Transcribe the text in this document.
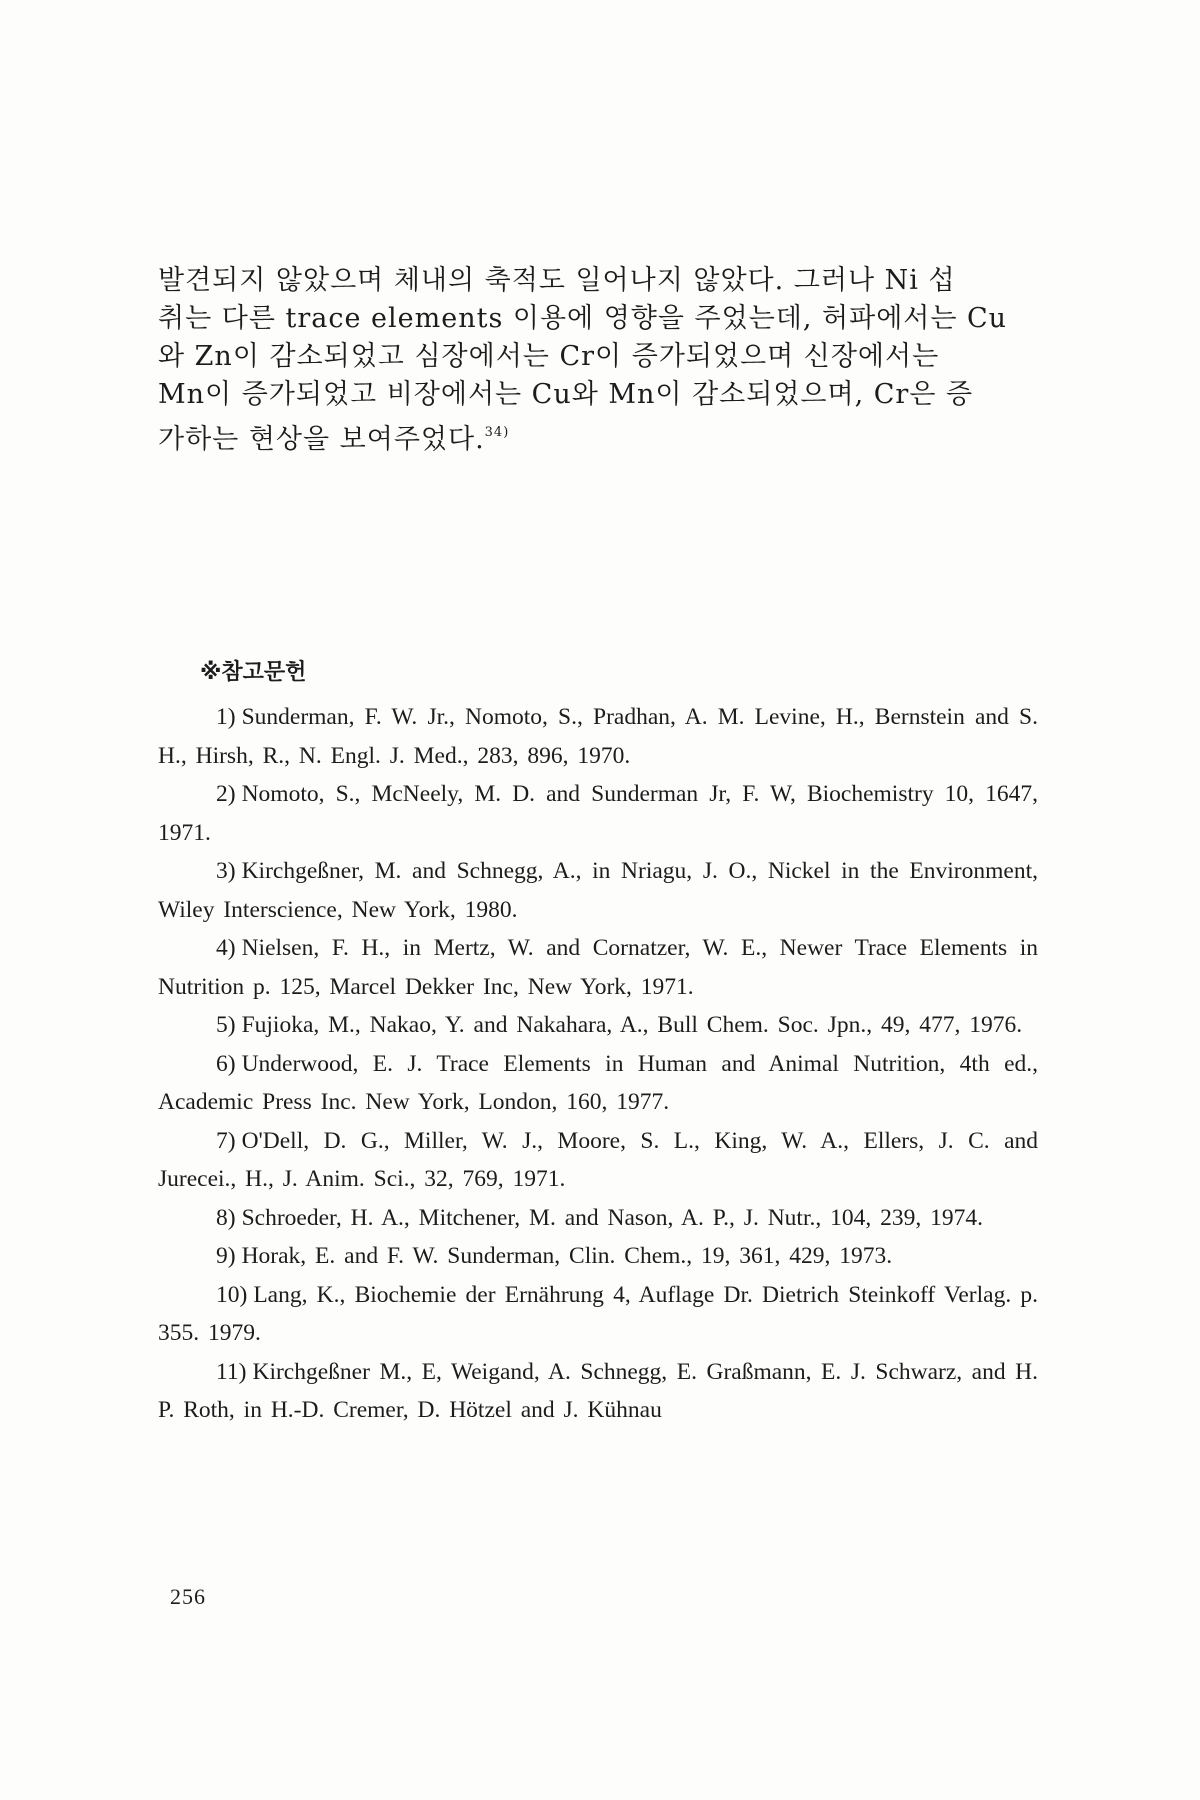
발견되지 않았으며 체내의 축적도 일어나지 않았다. 그러나 Ni 섭
취는 다른 trace elements 이용에 영향을 주었는데, 허파에서는 Cu
와 Zn이 감소되었고 심장에서는 Cr이 증가되었으며 신장에서는
Mn이 증가되었고 비장에서는 Cu와 Mn이 감소되었으며, Cr은 증
가하는 현상을 보여주었다.$^{34)}$
※참고문헌
1) Sunderman, F. W. Jr., Nomoto, S., Pradhan, A. M. Levine, H., Bernstein and S. H., Hirsh, R., N. Engl. J. Med., 283, 896, 1970.
2) Nomoto, S., McNeely, M. D. and Sunderman Jr, F. W, Biochemistry 10, 1647, 1971.
3) Kirchgeßner, M. and Schnegg, A., in Nriagu, J. O., Nickel in the Environment, Wiley Interscience, New York, 1980.
4) Nielsen, F. H., in Mertz, W. and Cornatzer, W. E., Newer Trace Elements in Nutrition p. 125, Marcel Dekker Inc, New York, 1971.
5) Fujioka, M., Nakao, Y. and Nakahara, A., Bull Chem. Soc. Jpn., 49, 477, 1976.
6) Underwood, E. J. Trace Elements in Human and Animal Nutrition, 4th ed., Academic Press Inc. New York, London, 160, 1977.
7) O'Dell, D. G., Miller, W. J., Moore, S. L., King, W. A., Ellers, J. C. and Jurecei., H., J. Anim. Sci., 32, 769, 1971.
8) Schroeder, H. A., Mitchener, M. and Nason, A. P., J. Nutr., 104, 239, 1974.
9) Horak, E. and F. W. Sunderman, Clin. Chem., 19, 361, 429, 1973.
10) Lang, K., Biochemie der Ernährung 4, Auflage Dr. Dietrich Steinkoff Verlag. p. 355. 1979.
11) Kirchgeßner M., E, Weigand, A. Schnegg, E. Graßmann, E. J. Schwarz, and H. P. Roth, in H.-D. Cremer, D. Hötzel and J. Kühnau
256
